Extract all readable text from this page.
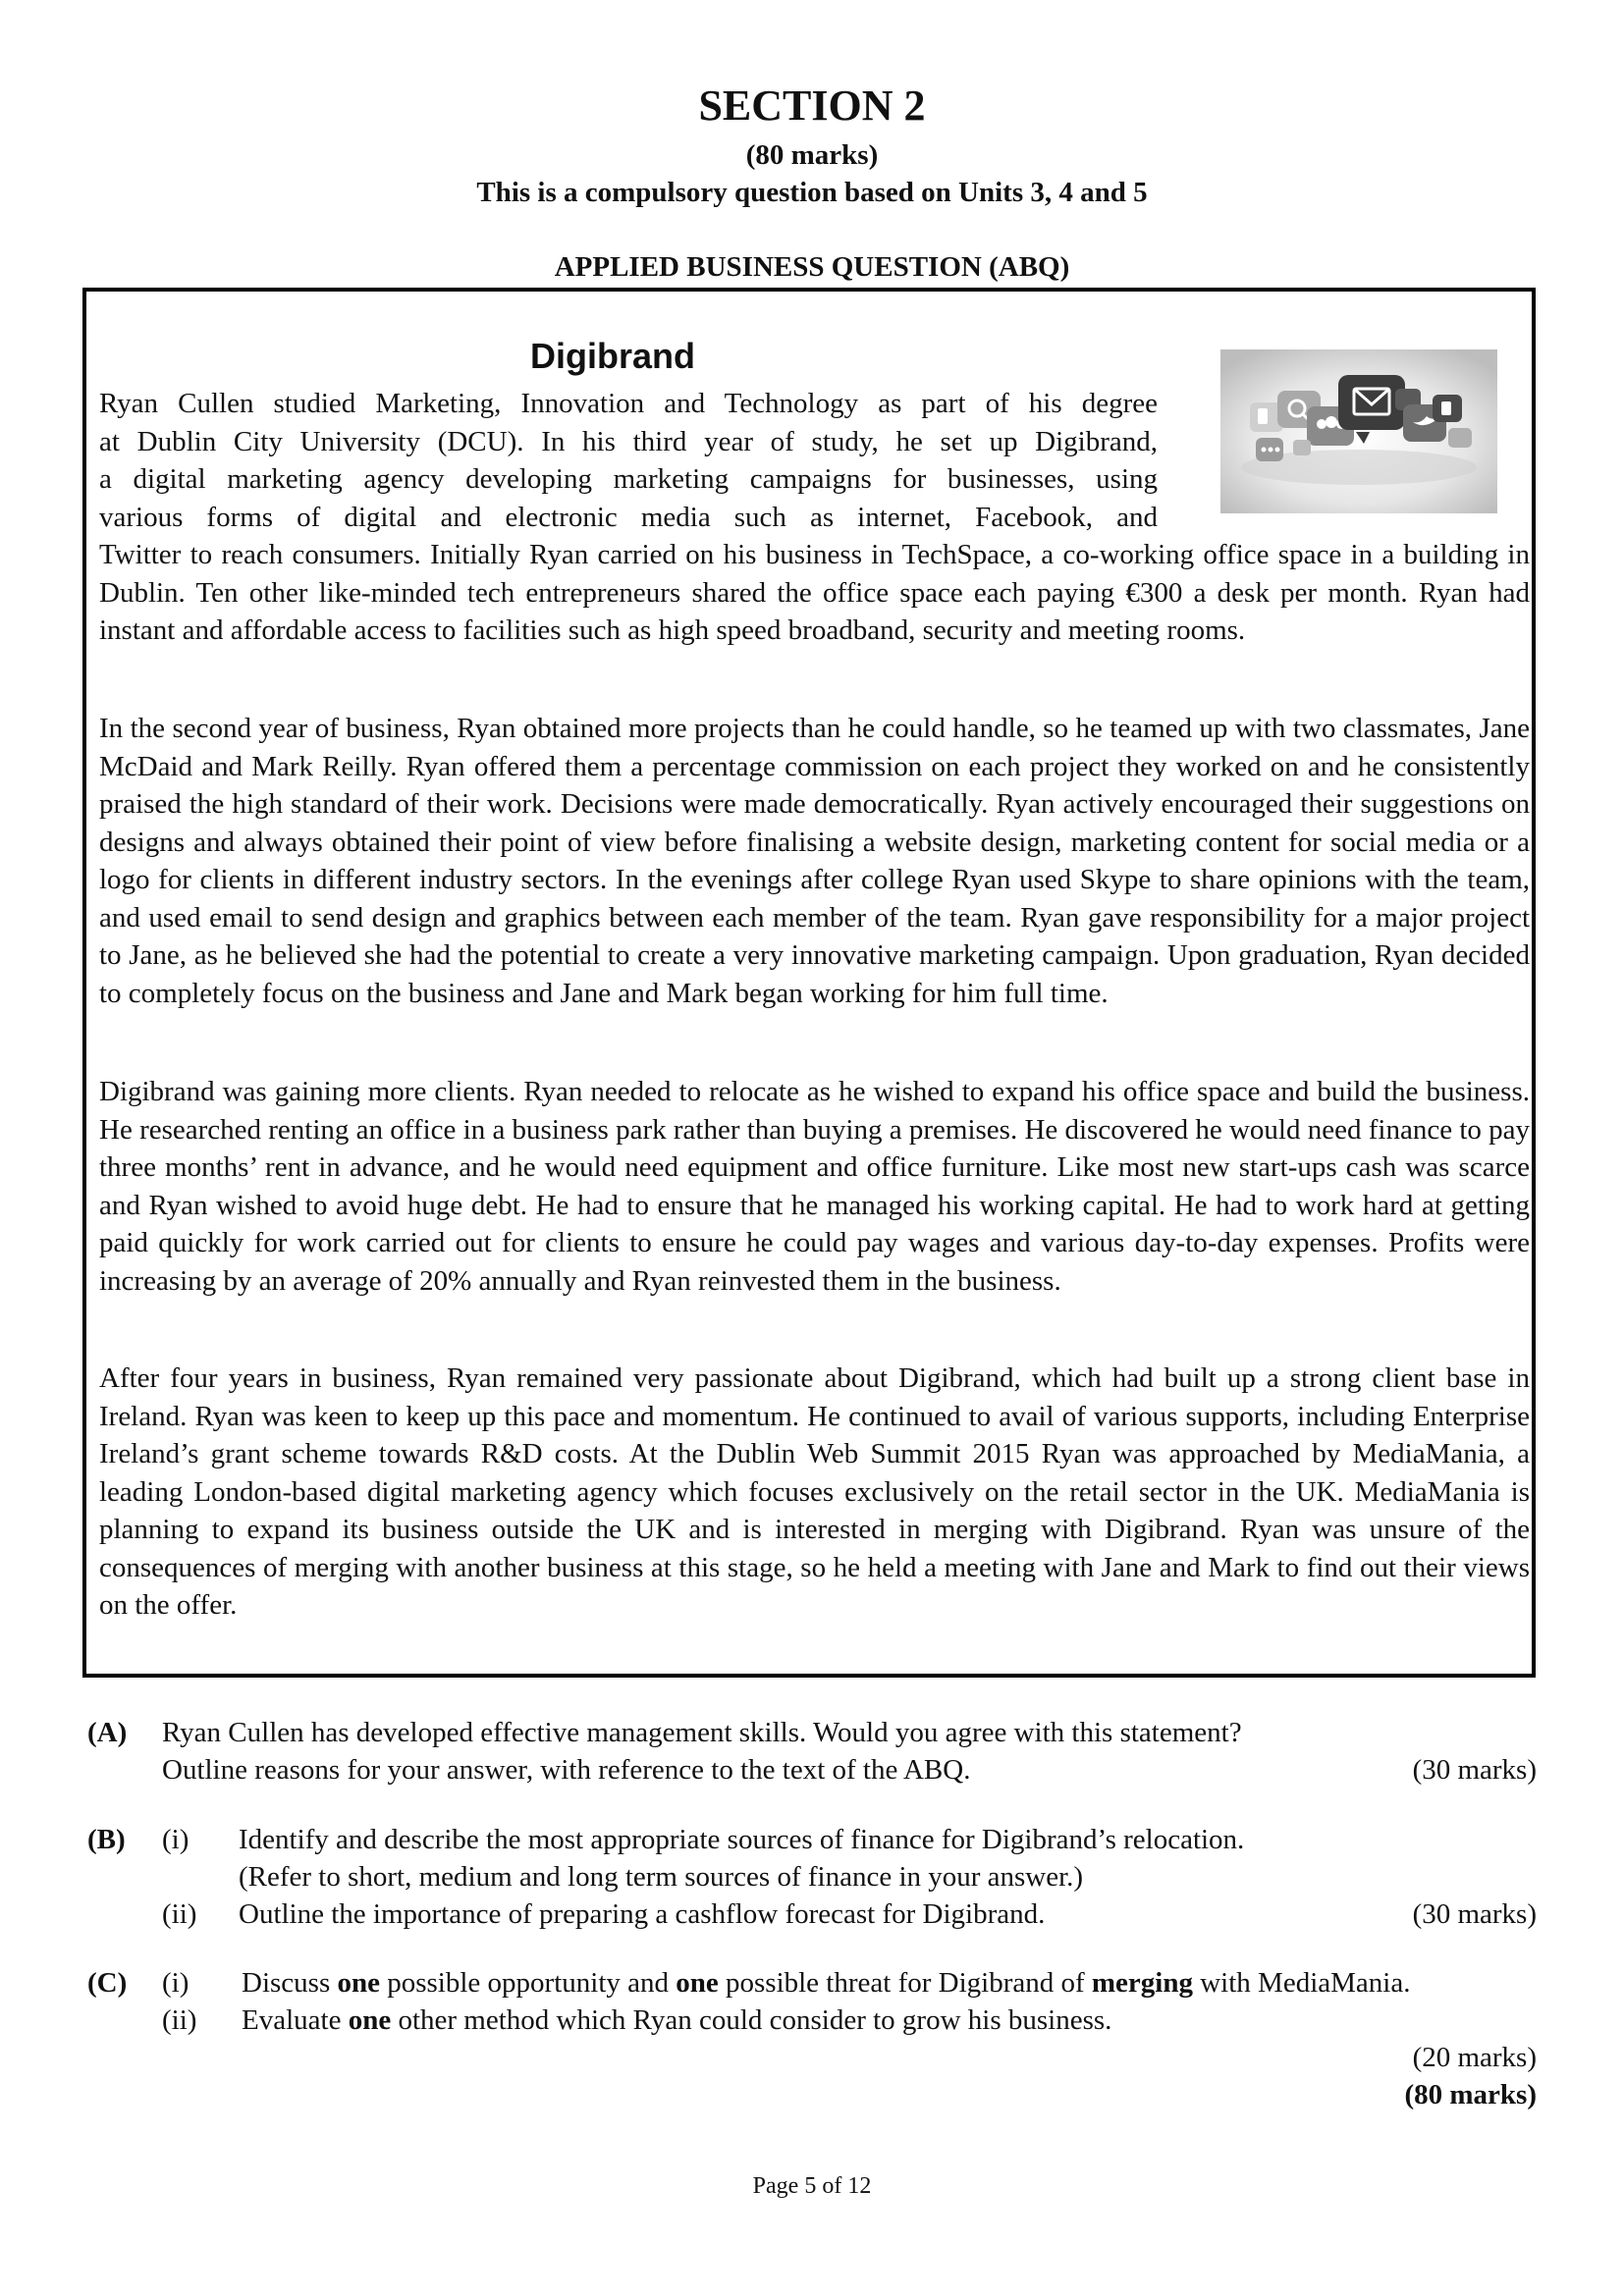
SECTION 2
(80 marks)
This is a compulsory question based on Units 3, 4 and 5
APPLIED BUSINESS QUESTION (ABQ)
Digibrand
Ryan Cullen studied Marketing, Innovation and Technology as part of his degree
at Dublin City University (DCU). In his third year of study, he set up Digibrand,
a digital marketing agency developing marketing campaigns for businesses, using
various forms of digital and electronic media such as internet, Facebook, and
Twitter to reach consumers. Initially Ryan carried on his business in TechSpace, a co-working office space in a building in Dublin. Ten other like-minded tech entrepreneurs shared the office space each paying €300 a desk per month. Ryan had instant and affordable access to facilities such as high speed broadband, security and meeting rooms.

In the second year of business, Ryan obtained more projects than he could handle, so he teamed up with two classmates, Jane McDaid and Mark Reilly. Ryan offered them a percentage commission on each project they worked on and he consistently praised the high standard of their work. Decisions were made democratically. Ryan actively encouraged their suggestions on designs and always obtained their point of view before finalising a website design, marketing content for social media or a logo for clients in different industry sectors. In the evenings after college Ryan used Skype to share opinions with the team, and used email to send design and graphics between each member of the team. Ryan gave responsibility for a major project to Jane, as he believed she had the potential to create a very innovative marketing campaign. Upon graduation, Ryan decided to completely focus on the business and Jane and Mark began working for him full time.

Digibrand was gaining more clients. Ryan needed to relocate as he wished to expand his office space and build the business. He researched renting an office in a business park rather than buying a premises. He discovered he would need finance to pay three months’ rent in advance, and he would need equipment and office furniture. Like most new start-ups cash was scarce and Ryan wished to avoid huge debt. He had to ensure that he managed his working capital. He had to work hard at getting paid quickly for work carried out for clients to ensure he could pay wages and various day-to-day expenses. Profits were increasing by an average of 20% annually and Ryan reinvested them in the business.

After four years in business, Ryan remained very passionate about Digibrand, which had built up a strong client base in Ireland. Ryan was keen to keep up this pace and momentum. He continued to avail of various supports, including Enterprise Ireland’s grant scheme towards R&D costs. At the Dublin Web Summit 2015 Ryan was approached by MediaMania, a leading London-based digital marketing agency which focuses exclusively on the retail sector in the UK. MediaMania is planning to expand its business outside the UK and is interested in merging with Digibrand. Ryan was unsure of the consequences of merging with another business at this stage, so he held a meeting with Jane and Mark to find out their views on the offer.

(A) Ryan Cullen has developed effective management skills. Would you agree with this statement?
Outline reasons for your answer, with reference to the text of the ABQ.	(30 marks)
(B) (i) Identify and describe the most appropriate sources of finance for Digibrand’s relocation.
(Refer to short, medium and long term sources of finance in your answer.)
(ii) Outline the importance of preparing a cashflow forecast for Digibrand.	(30 marks)
(C) (i) Discuss one possible opportunity and one possible threat for Digibrand of merging with MediaMania.
(ii) Evaluate one other method which Ryan could consider to grow his business.
(20 marks)
(80 marks)
Page 5 of 12
